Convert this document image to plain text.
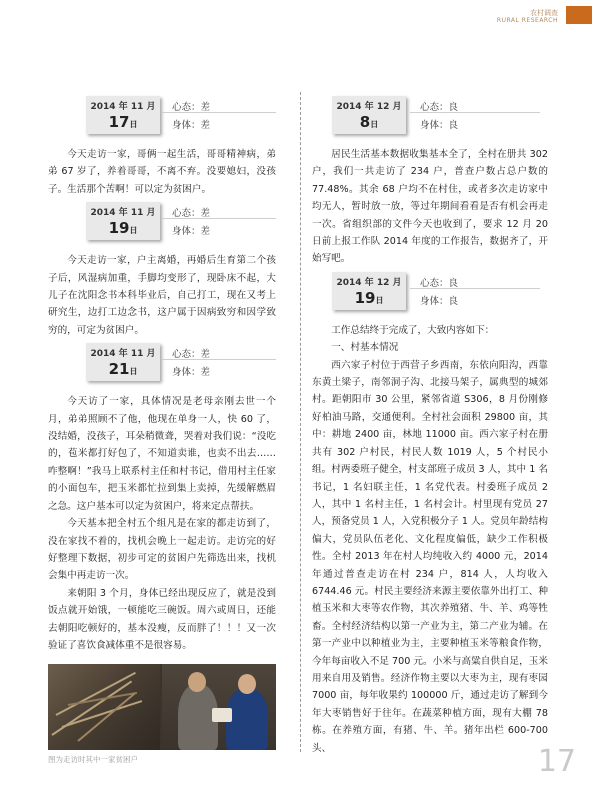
农村调查
RURAL RESEARCH
2014 年 11 月
17日
心态：差
身体：差

今天走访一家，哥俩一起生活，哥哥精神病，弟弟 67 岁了，养着哥哥，不离不弃。没要媳妇，没孩子。生活那个苦啊！可以定为贫困户。

2014 年 11 月
19日
心态：差
身体：差

今天走访一家，户主离婚，再婚后生育第二个孩子后，风湿病加重，手脚均变形了，现卧床不起，大儿子在沈阳念书本科毕业后，自己打工，现在又考上研究生，边打工边念书，这户属于因病致穷和因学致穷的，可定为贫困户。

2014 年 11 月
21日
心态：差
身体：差

今天访了一家，具体情况是老母亲刚去世一个月，弟弟照顾不了他，他现在单身一人，快 60 了，没结婚，没孩子，耳朵稍微聋，哭着对我们说：“没吃的，苞米都打好包了，不知道卖谁，也卖不出去……咋整啊！”我马上联系村主任和村书记，借用村主任家的小面包车，把玉米都忙拉到集上卖掉，先缓解燃眉之急。这户基本可以定为贫困户，将来定点帮扶。

今天基本把全村五个组凡是在家的都走访到了，没在家找不着的，找机会晚上一起走访。走访完的好好整理下数据，初步可定的贫困户先筛选出来，找机会集中再走访一次。

来朝阳 3 个月，身体已经出现反应了，就是没到饭点就开始饿，一顿能吃三碗饭。周六或周日，还能去朝阳吃顿好的，基本没瘦，反而胖了！！！又一次验证了喜饮食减体重不是很容易。

图为走访时其中一家贫困户
2014 年 12 月
8日
心态：良
身体：良

居民生活基本数据收集基本全了，全村在册共 302 户，我们一共走访了 234 户，普查户数占总户数的 77.48%。其余 68 户均不在村住，或者多次走访家中均无人，暂时放一放，等过年期间看看是否有机会再走一次。省组织部的文件今天也收到了，要求 12 月 20 日前上报工作队 2014 年度的工作报告，数据齐了，开始写吧。

2014 年 12 月
19日
心态：良
身体：良

工作总结终于完成了，大致内容如下：

一、村基本情况

西六家子村位于西营子乡西南，东依向阳沟，西靠东黄土梁子，南邻洞子沟、北接马架子，属典型的城郊村。距朝阳市 30 公里，紧邻省道 S306，8 月份刚修好柏油马路，交通便利。全村社会面积 29800 亩，其中：耕地 2400 亩，林地 11000 亩。西六家子村在册共有 302 户村民，村民人数 1019 人，5 个村民小组。村两委班子健全，村支部班子成员 3 人，其中 1 名书记，1 名妇联主任，1 名党代表。村委班子成员 2 人，其中 1 名村主任，1 名村会计。村里现有党员 27 人，预备党员 1 人，入党积极分子 1 人。党员年龄结构偏大，党员队伍老化、文化程度偏低，缺少工作积极性。全村 2013 年在村人均纯收入约 4000 元，2014 年通过普查走访在村 234 户，814 人，人均收入 6744.46 元。村民主要经济来源主要依靠外出打工、种植玉米和大枣等农作物，其次养殖猪、牛、羊、鸡等牲畜。全村经济结构以第一产业为主，第二产业为辅。在第一产业中以种植业为主，主要种植玉米等粮食作物，今年每亩收入不足 700 元。小米与高粱自供自足，玉米用来自用及销售。经济作物主要以大枣为主，现有枣园 7000 亩，每年收果约 100000 斤，通过走访了解到今年大枣销售好于往年。在蔬菜种植方面，现有大棚 78 栋。在养殖方面，有猪、牛、羊。猪年出栏 600-700 头、	17
